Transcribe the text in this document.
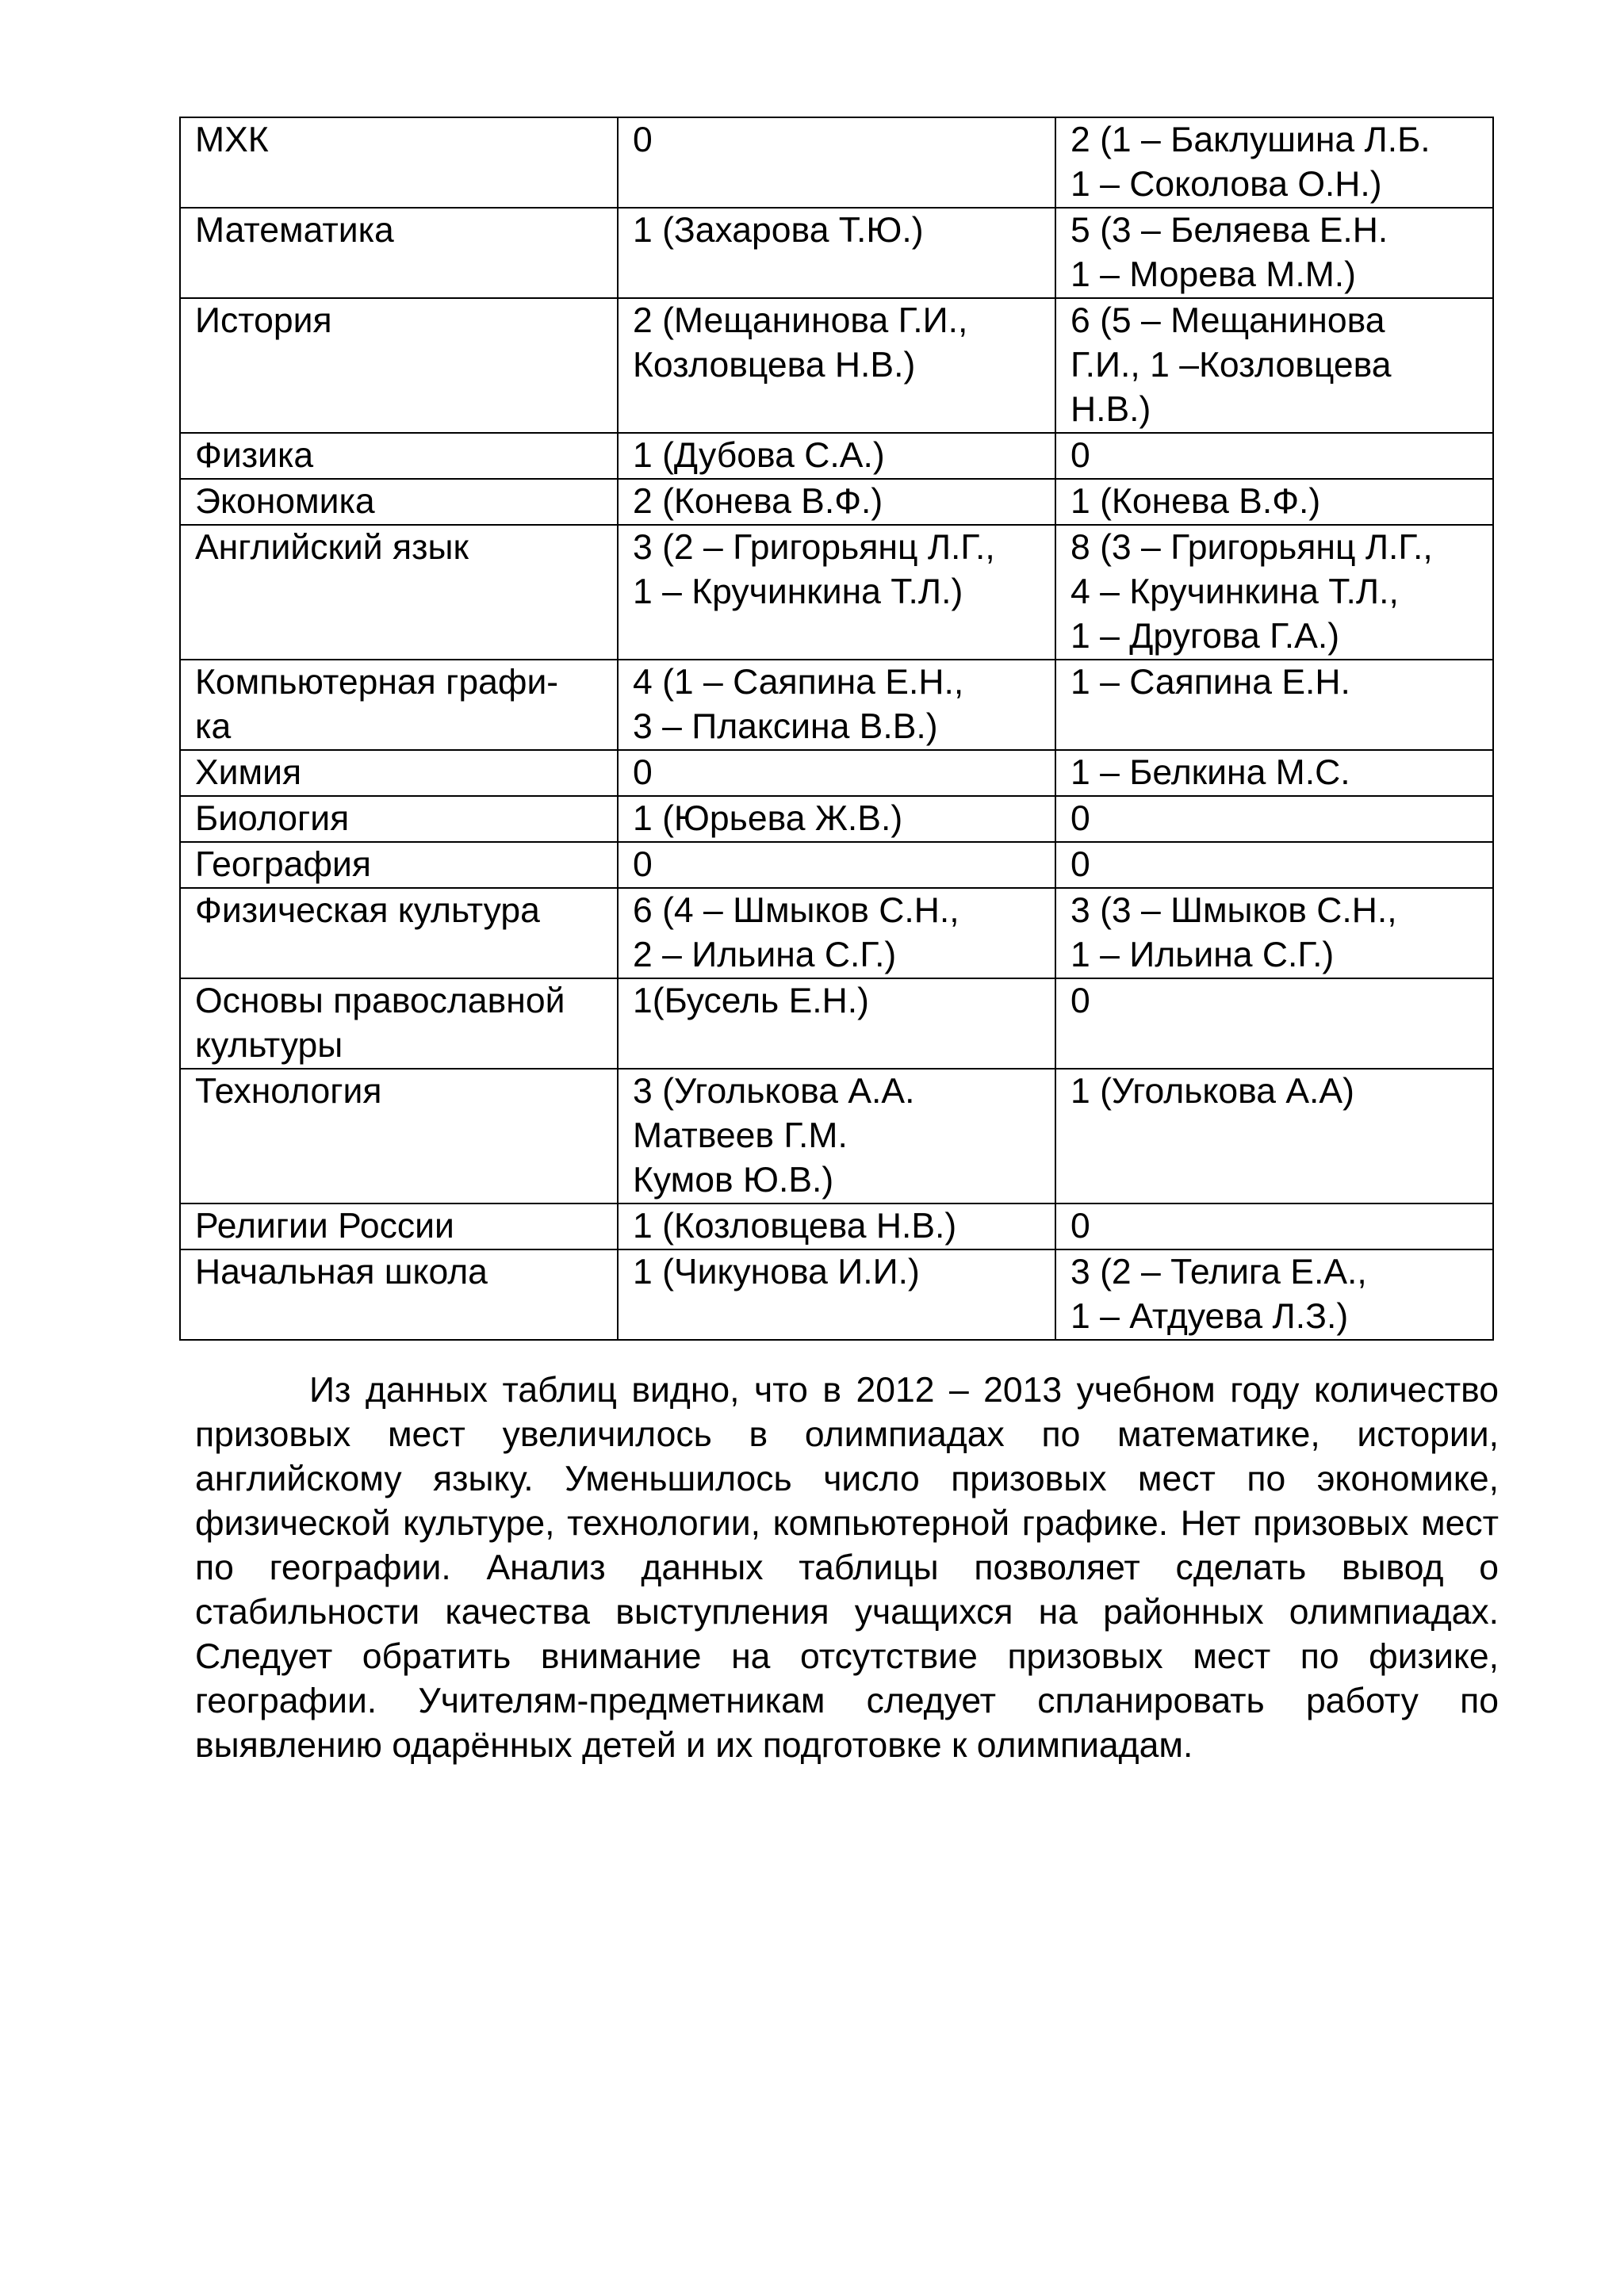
МХК	0	2 (1 – Баклушина Л.Б.
1 – Соколова О.Н.)
Математика	1 (Захарова Т.Ю.)	5 (3 – Беляева Е.Н.
1 – Морева М.М.)
История	2 (Мещанинова Г.И.,
Козловцева Н.В.)	6 (5 – Мещанинова
Г.И., 1 –Козловцева
Н.В.)
Физика	1 (Дубова С.А.)	0
Экономика	2 (Конева В.Ф.)	1 (Конева В.Ф.)
Английский язык	3 (2 – Григорьянц Л.Г.,
1 – Кручинкина Т.Л.)	8 (3 – Григорьянц Л.Г.,
4 – Кручинкина Т.Л.,
1 – Другова Г.А.)
Компьютерная графи-
ка	4 (1 – Саяпина Е.Н.,
3 – Плаксина В.В.)	1 – Саяпина Е.Н.
Химия	0	1 – Белкина М.С.
Биология	1 (Юрьева Ж.В.)	0
География	0	0
Физическая культура	6 (4 – Шмыков С.Н.,
2 – Ильина С.Г.)	3 (3 – Шмыков С.Н.,
1 – Ильина С.Г.)
Основы православной
культуры	1(Бусель Е.Н.)	0
Технология	3 (Уголькова А.А.
Матвеев Г.М.
Кумов Ю.В.)	1 (Уголькова А.А)
Религии России	1 (Козловцева Н.В.)	0
Начальная школа	1 (Чикунова И.И.)	3 (2 – Телига Е.А.,
1 – Атдуева Л.З.)

Из данных таблиц видно, что в 2012 – 2013 учебном году количество призовых мест увеличилось в олимпиадах по математике, истории, английскому языку. Уменьшилось число призовых мест по экономике, физической культуре, технологии, компьютерной графике. Нет призовых мест по географии. Анализ данных таблицы позволяет сделать вывод о стабильности качества выступления учащихся на районных олимпиадах. Следует обратить внимание на отсутствие призовых мест по физике, географии. Учителям-предметникам следует спланировать работу по выявлению одарённых детей и их подготовке к олимпиадам.
